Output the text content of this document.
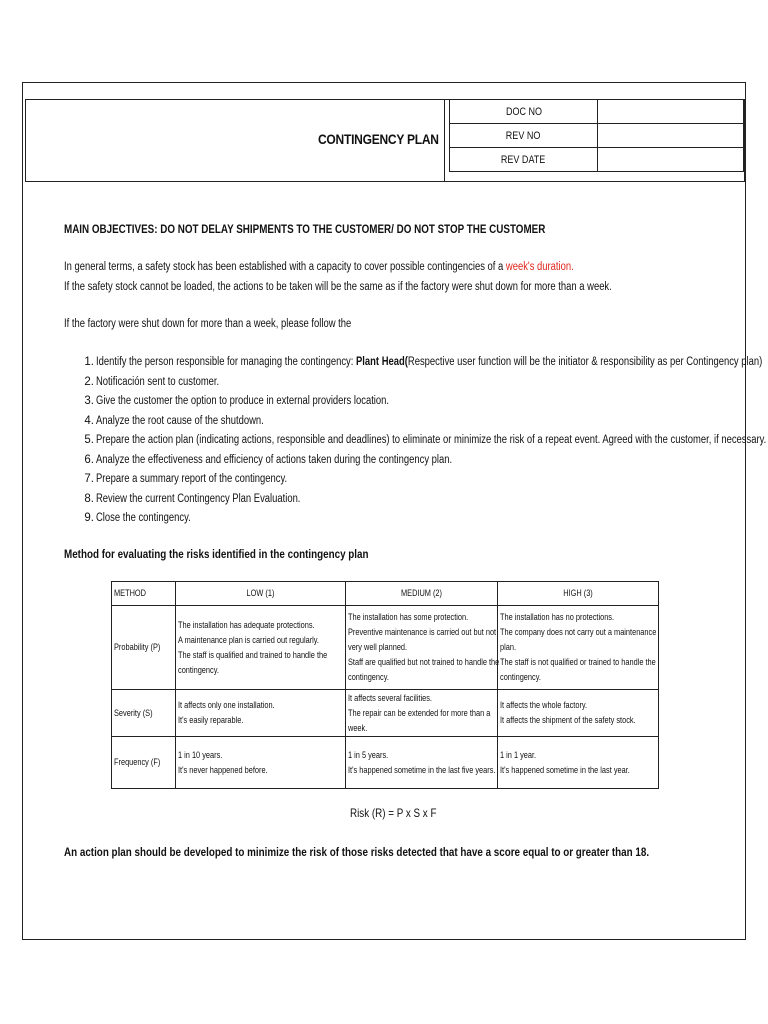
CONTINGENCY PLAN
DOC NO	
REV NO	
REV DATE	
MAIN OBJECTIVES: DO NOT DELAY SHIPMENTS TO THE CUSTOMER/ DO NOT STOP THE CUSTOMER
In general terms, a safety stock has been established with a capacity to cover possible contingencies of a week's duration.
If the safety stock cannot be loaded, the actions to be taken will be the same as if the factory were shut down for more than a week.
If the factory were shut down for more than a week, please follow the
1. Identify the person responsible for managing the contingency: Plant Head(Respective user function will be the initiator & responsibility as per Contingency plan)
2. Notificación sent to customer.
3. Give the customer the option to produce in external providers location.
4. Analyze the root cause of the shutdown.
5. Prepare the action plan (indicating actions, responsible and deadlines) to eliminate or minimize the risk of a repeat event. Agreed with the customer, if necessary.
6. Analyze the effectiveness and efficiency of actions taken during the contingency plan.
7. Prepare a summary report of the contingency.
8. Review the current Contingency Plan Evaluation.
9. Close the contingency.
Method for evaluating the risks identified in the contingency plan
METHOD	LOW (1)	MEDIUM (2)	HIGH (3)

Probability (P)	The installation has adequate protections.
A maintenance plan is carried out regularly.
The staff is qualified and trained to handle the
contingency.	The installation has some protection.
Preventive maintenance is carried out but not
very well planned.
Staff are qualified but not trained to handle the
contingency.	The installation has no protections.
The company does not carry out a maintenance
plan.
The staff is not qualified or trained to handle the
contingency.

Severity (S)	It affects only one installation.
It's easily reparable.	It affects several facilities.
The repair can be extended for more than a
week.	It affects the whole factory.
It affects the shipment of the safety stock.

Frequency (F)	1 in 10 years.
It's never happened before.	1 in 5 years.
It's happened sometime in the last five years.	1 in 1 year.
It's happened sometime in the last year.
Risk (R) = P x S x F
An action plan should be developed to minimize the risk of those risks detected that have a score equal to or greater than 18.
